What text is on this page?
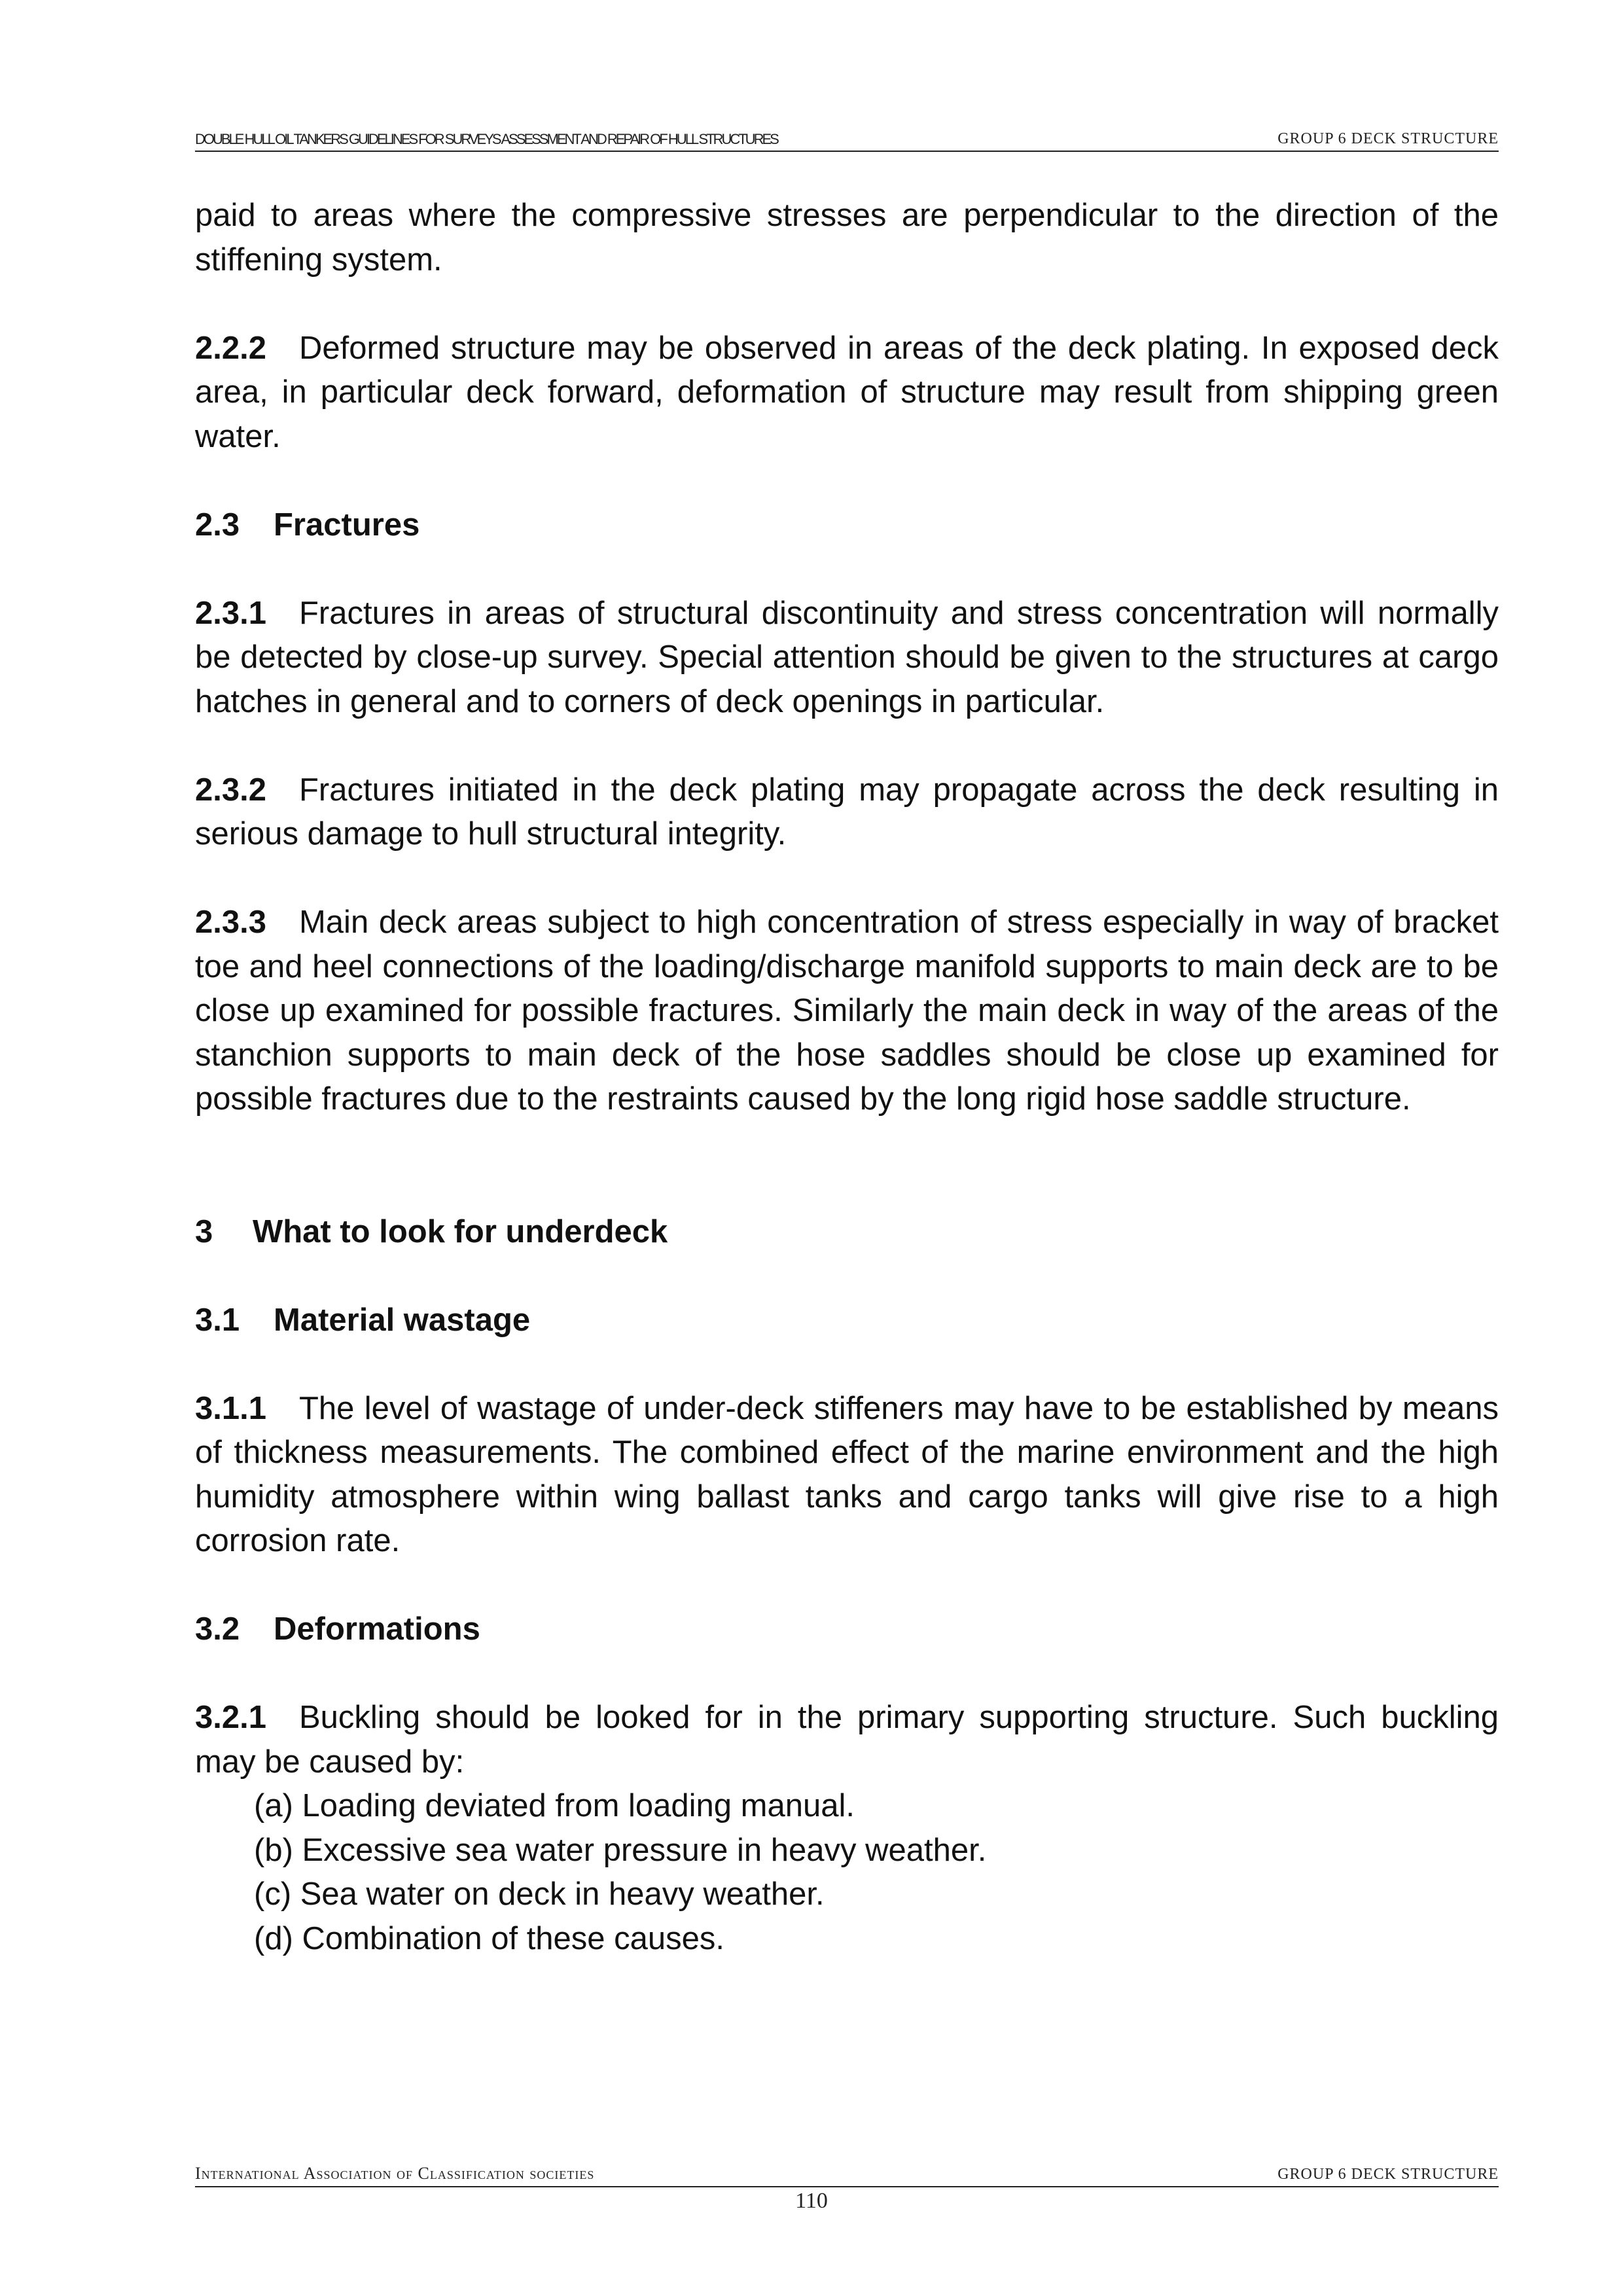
DOUBLE HULL OIL TANKERS GUIDELINES FOR SURVEYS ASSESSMENT AND REPAIR OF HULL STRUCTURES	GROUP 6 DECK STRUCTURE

paid to areas where the compressive stresses are perpendicular to the direction of the stiffening system.

2.2.2 Deformed structure may be observed in areas of the deck plating. In exposed deck area, in particular deck forward, deformation of structure may result from shipping green water.

2.3 Fractures

2.3.1 Fractures in areas of structural discontinuity and stress concentration will normally be detected by close-up survey. Special attention should be given to the structures at cargo hatches in general and to corners of deck openings in particular.

2.3.2 Fractures initiated in the deck plating may propagate across the deck resulting in serious damage to hull structural integrity.

2.3.3 Main deck areas subject to high concentration of stress especially in way of bracket toe and heel connections of the loading/discharge manifold supports to main deck are to be close up examined for possible fractures. Similarly the main deck in way of the areas of the stanchion supports to main deck of the hose saddles should be close up examined for possible fractures due to the restraints caused by the long rigid hose saddle structure.

3 What to look for underdeck
3.1 Material wastage

3.1.1 The level of wastage of under-deck stiffeners may have to be established by means of thickness measurements. The combined effect of the marine environment and the high humidity atmosphere within wing ballast tanks and cargo tanks will give rise to a high corrosion rate.

3.2 Deformations

3.2.1 Buckling should be looked for in the primary supporting structure. Such buckling may be caused by:

(a) Loading deviated from loading manual.
(b) Excessive sea water pressure in heavy weather.
(c) Sea water on deck in heavy weather.
(d) Combination of these causes.
International Association of Classification societies	GROUP 6 DECK STRUCTURE
110
